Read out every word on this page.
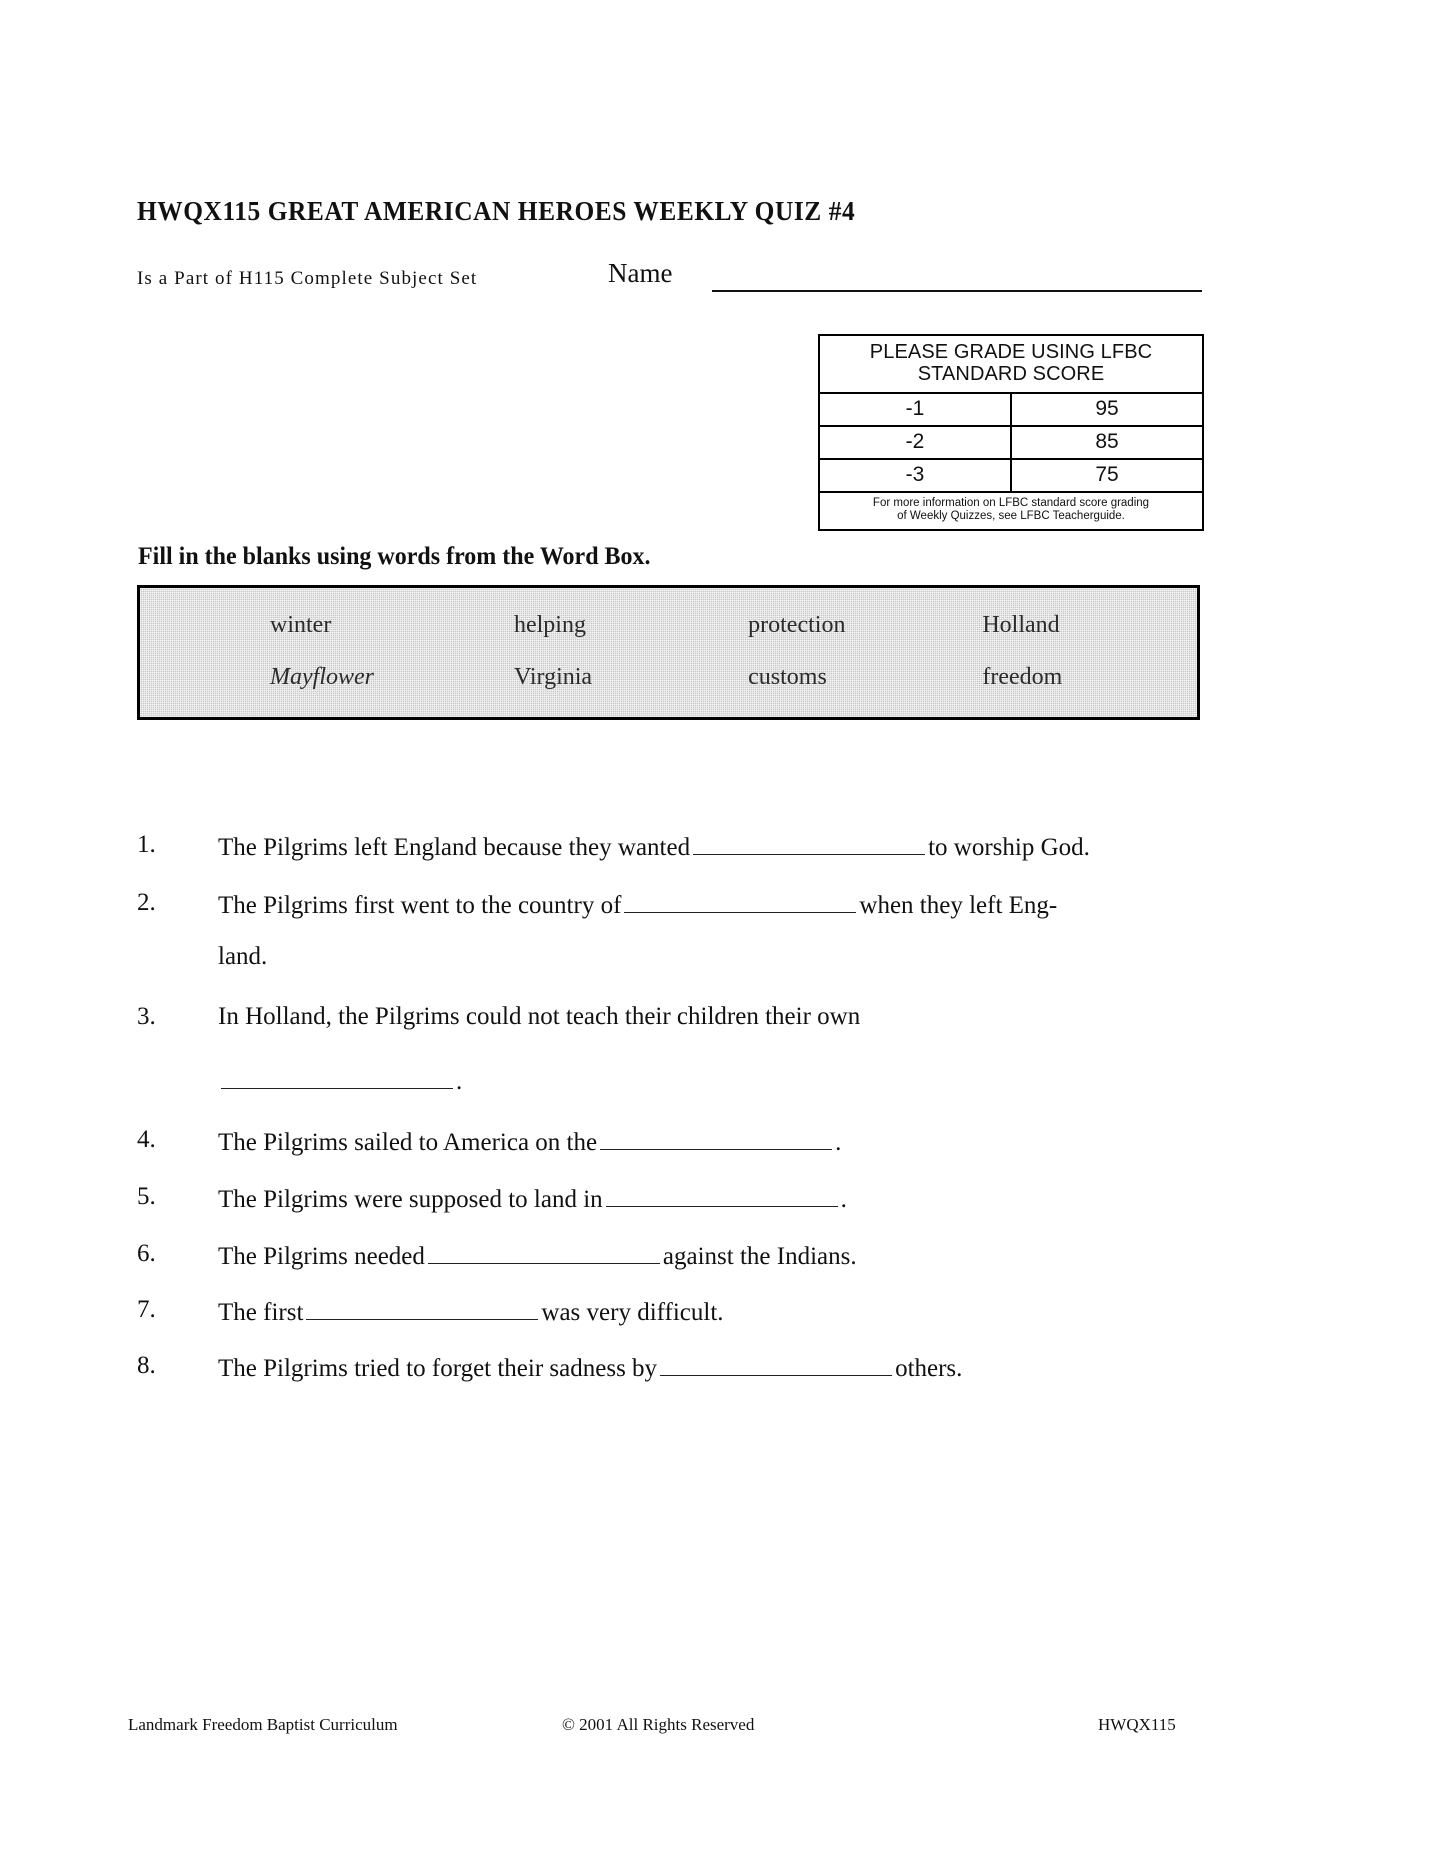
HWQX115 GREAT AMERICAN HEROES WEEKLY QUIZ #4
Is a Part of H115 Complete Subject Set	Name
PLEASE GRADE USING LFBC
STANDARD SCORE
-1	95
-2	85
-3	75
For more information on LFBC standard score grading
of Weekly Quizzes, see LFBC Teacherguide.
Fill in the blanks using words from the Word Box.
winter	helping	protection	Holland
Mayflower	Virginia	customs	freedom
1.	The Pilgrims left England because they wanted	to worship God.
2.	The Pilgrims first went to the country of	when they left Eng-
land.
3.	In Holland, the Pilgrims could not teach their children their own
.
4.	The Pilgrims sailed to America on the	.
5.	The Pilgrims were supposed to land in	.
6.	The Pilgrims needed	against the Indians.
7.	The first	was very difficult.
8.	The Pilgrims tried to forget their sadness by	others.
Landmark Freedom Baptist Curriculum	© 2001 All Rights Reserved	HWQX115
